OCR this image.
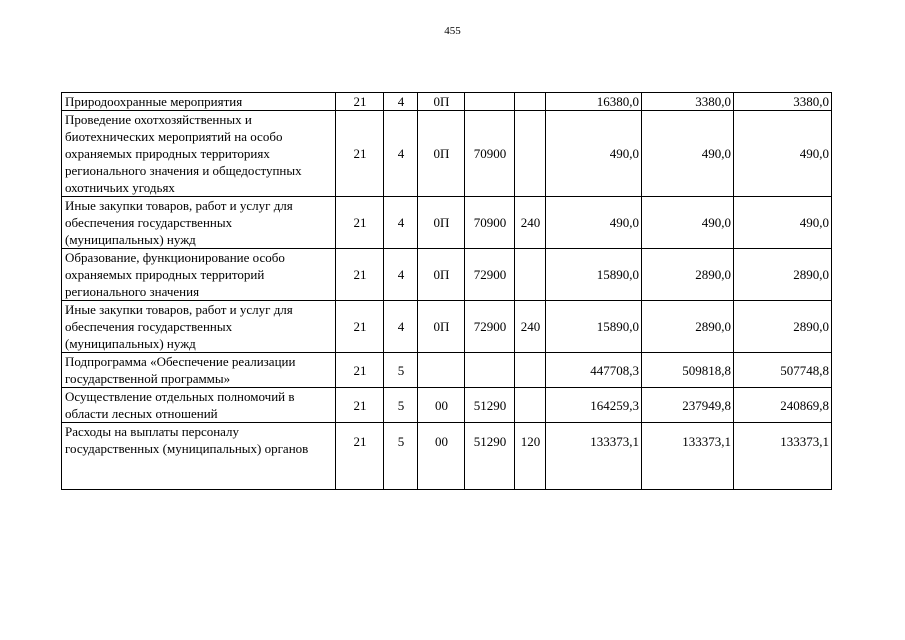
455
Природоохранные мероприятия	21	4	0П			16380,0	3380,0	3380,0
Проведение охотхозяйственных и биотехнических мероприятий на особо охраняемых природных территориях регионального значения и общедоступных охотничьих угодьях	21	4	0П	70900		490,0	490,0	490,0
Иные закупки товаров, работ и услуг для обеспечения государственных (муниципальных) нужд	21	4	0П	70900	240	490,0	490,0	490,0
Образование, функционирование особо охраняемых природных территорий регионального значения	21	4	0П	72900		15890,0	2890,0	2890,0
Иные закупки товаров, работ и услуг для обеспечения государственных (муниципальных) нужд	21	4	0П	72900	240	15890,0	2890,0	2890,0
Подпрограмма «Обеспечение реализации государственной программы»	21	5				447708,3	509818,8	507748,8
Осуществление отдельных полномочий в области лесных отношений	21	5	00	51290		164259,3	237949,8	240869,8
Расходы на выплаты персоналу государственных (муниципальных) органов	21	5	00	51290	120	133373,1	133373,1	133373,1
